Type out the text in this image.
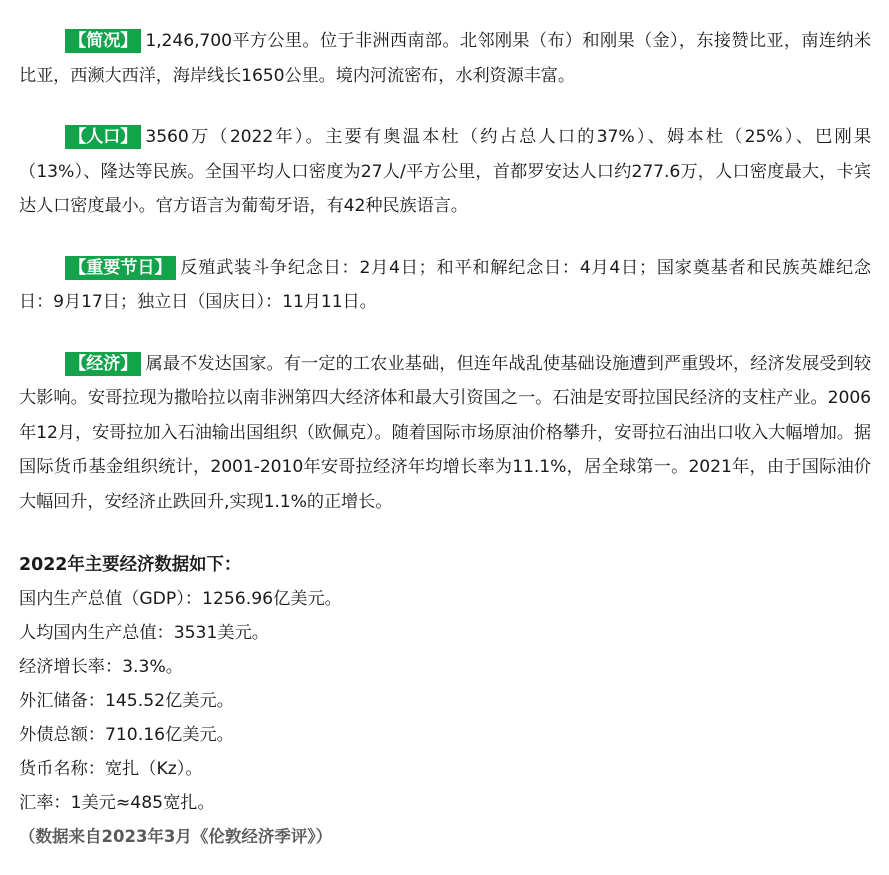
【简况】 1,246,700平方公里。位于非洲西南部。北邻刚果（布）和刚果（金），东接赞比亚，南连纳米比亚，西濒大西洋，海岸线长1650公里。境内河流密布，水利资源丰富。

【人口】 3560万（2022年）。主要有奥温本杜（约占总人口的37%）、姆本杜（25%）、巴刚果（13%）、隆达等民族。全国平均人口密度为27人/平方公里，首都罗安达人口约277.6万，人口密度最大，卡宾达人口密度最小。官方语言为葡萄牙语，有42种民族语言。

【重要节日】 反殖武装斗争纪念日：2月4日；和平和解纪念日：4月4日；国家奠基者和民族英雄纪念日：9月17日；独立日（国庆日）：11月11日。

【经济】 属最不发达国家。有一定的工农业基础，但连年战乱使基础设施遭到严重毁坏，经济发展受到较大影响。安哥拉现为撒哈拉以南非洲第四大经济体和最大引资国之一。石油是安哥拉国民经济的支柱产业。2006年12月，安哥拉加入石油输出国组织（欧佩克）。随着国际市场原油价格攀升，安哥拉石油出口收入大幅增加。据国际货币基金组织统计，2001-2010年安哥拉经济年均增长率为11.1%，居全球第一。2021年，由于国际油价大幅回升，安经济止跌回升,实现1.1%的正增长。

2022年主要经济数据如下：

国内生产总值（GDP）：1256.96亿美元。

人均国内生产总值：3531美元。

经济增长率：3.3%。

外汇储备：145.52亿美元。

外债总额：710.16亿美元。

货币名称：宽扎（Kz）。

汇率：1美元≈485宽扎。

（数据来自2023年3月《伦敦经济季评》）
